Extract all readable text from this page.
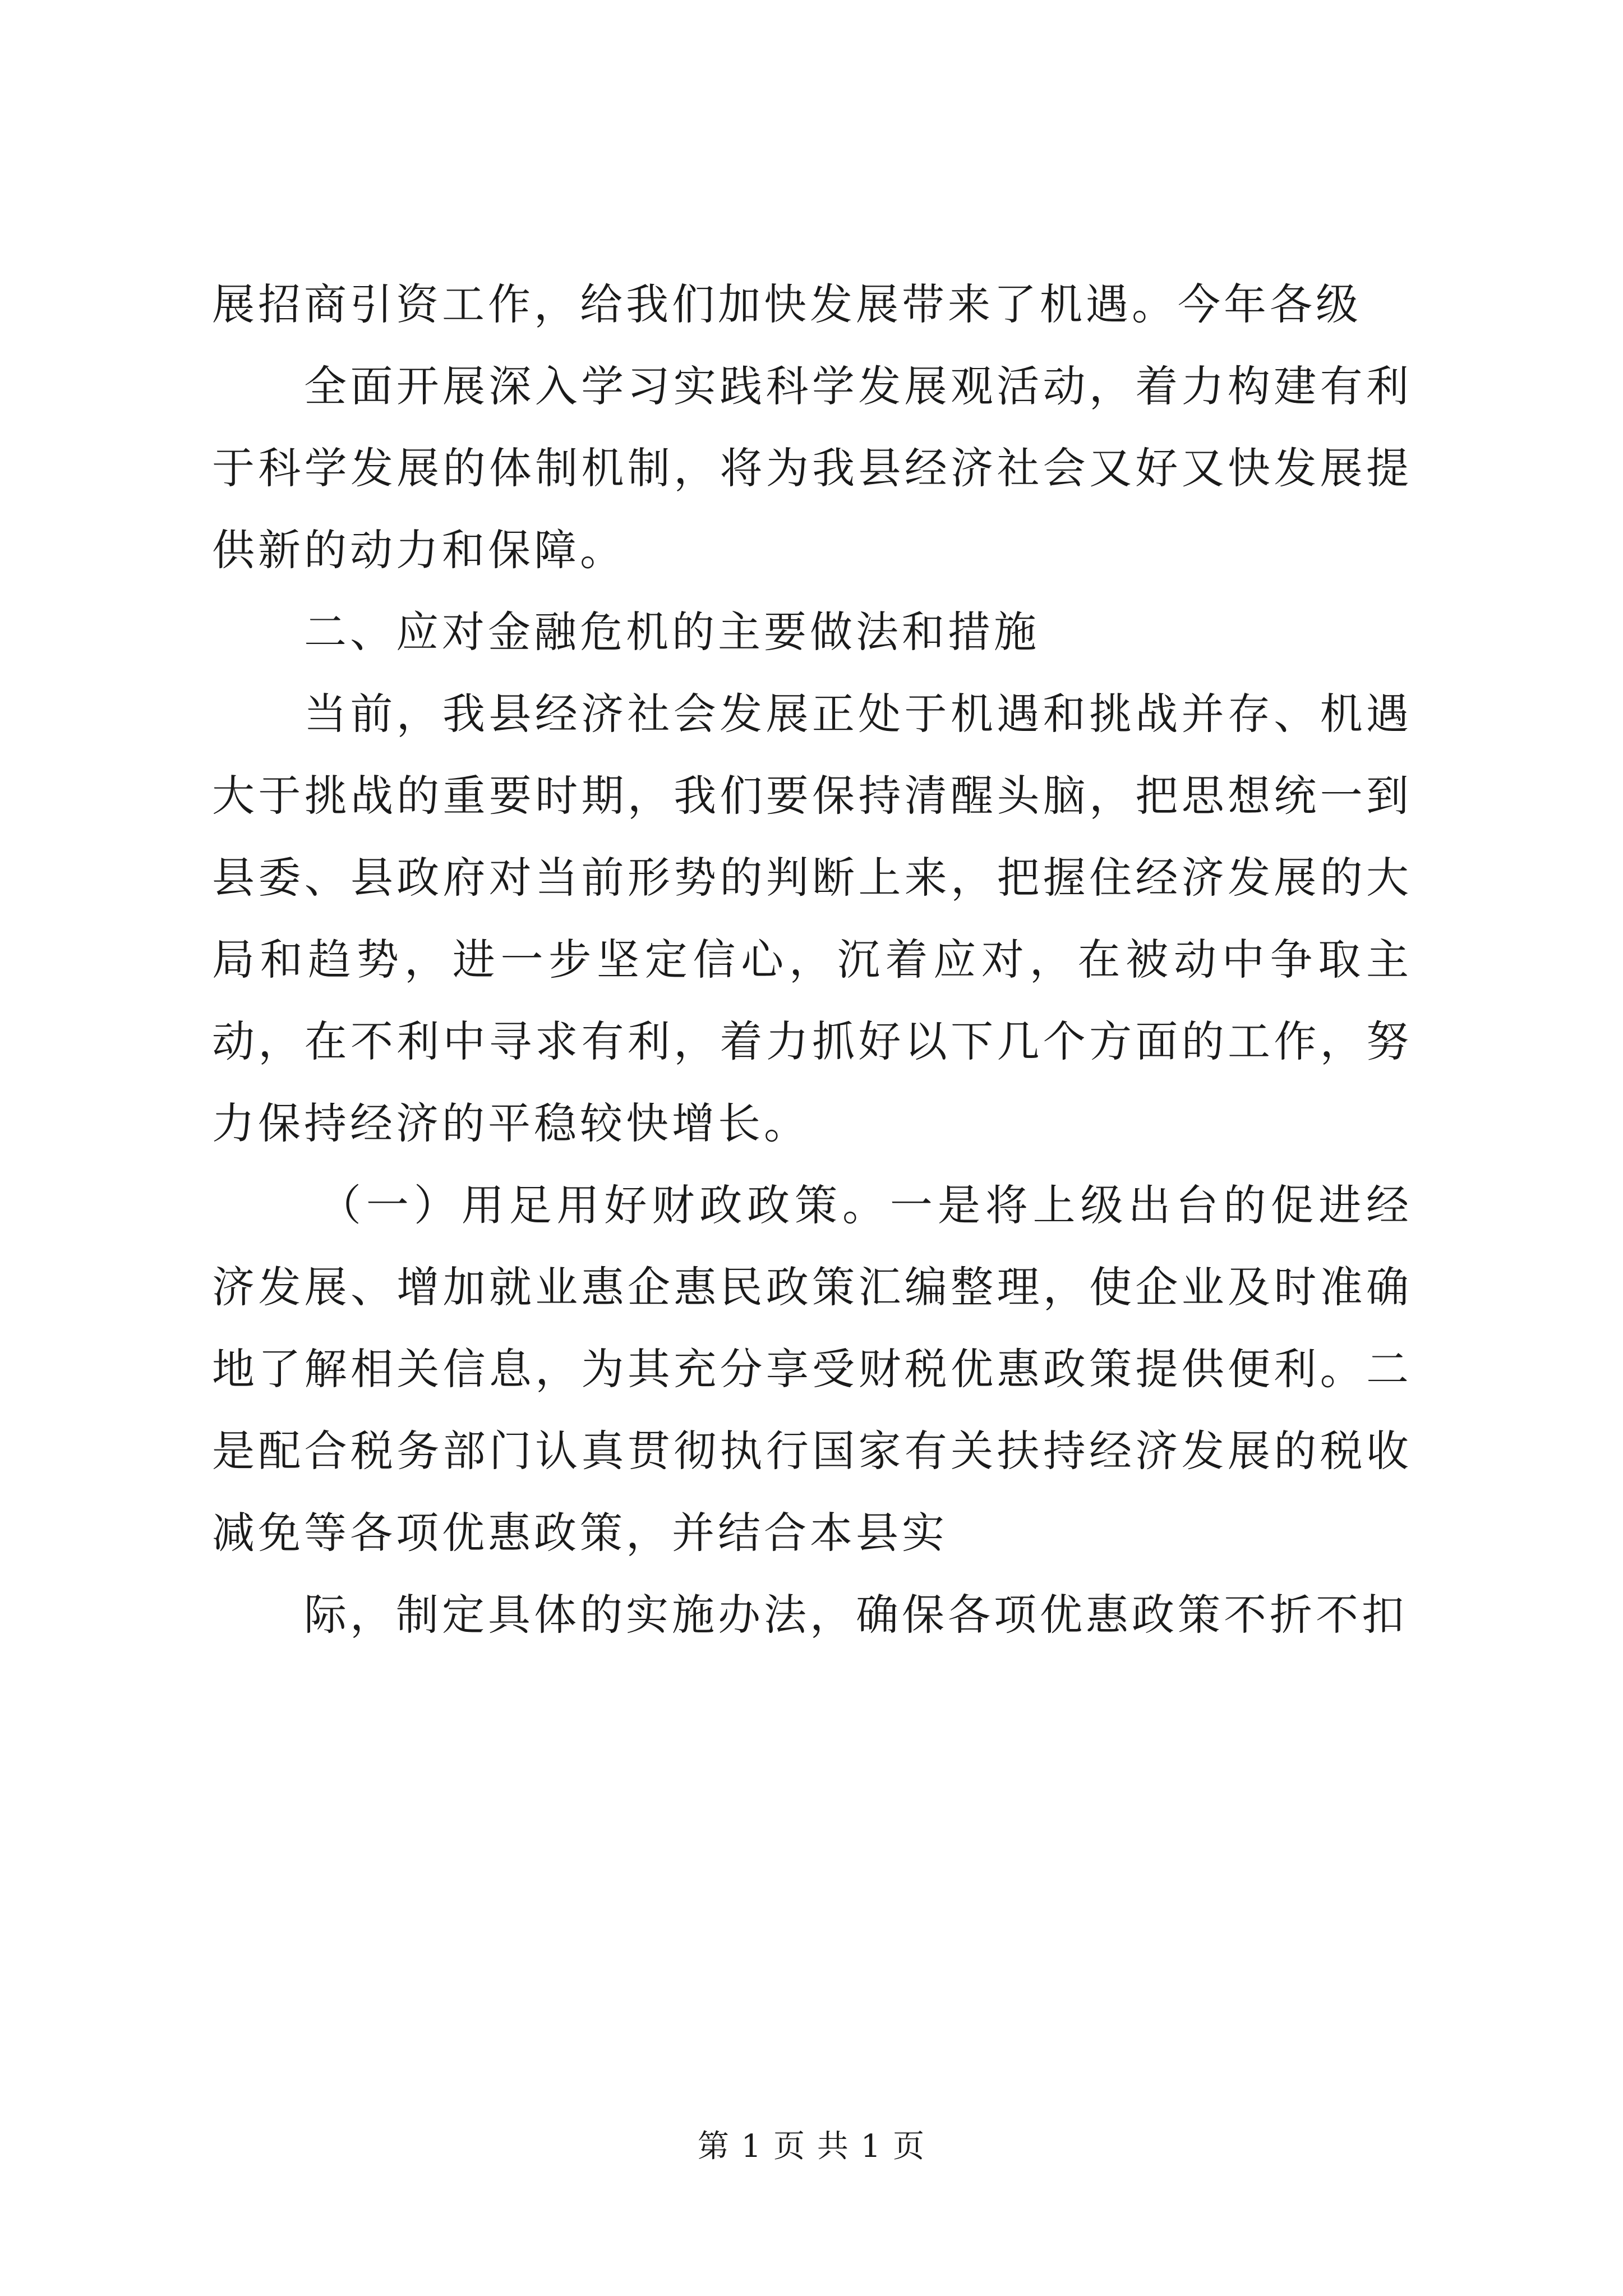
展招商引资工作，给我们加快发展带来了机遇。今年各级

全面开展深入学习实践科学发展观活动，着力构建有利于科学发展的体制机制，将为我县经济社会又好又快发展提供新的动力和保障。

二、应对金融危机的主要做法和措施

当前，我县经济社会发展正处于机遇和挑战并存、机遇大于挑战的重要时期，我们要保持清醒头脑，把思想统一到县委、县政府对当前形势的判断上来，把握住经济发展的大局和趋势，进一步坚定信心，沉着应对，在被动中争取主动，在不利中寻求有利，着力抓好以下几个方面的工作，努力保持经济的平稳较快增长。

（一）用足用好财政政策。一是将上级出台的促进经济发展、增加就业惠企惠民政策汇编整理，使企业及时准确地了解相关信息，为其充分享受财税优惠政策提供便利。二是配合税务部门认真贯彻执行国家有关扶持经济发展的税收减免等各项优惠政策，并结合本县实

际，制定具体的实施办法，确保各项优惠政策不折不扣

第 1 页 共 1 页
